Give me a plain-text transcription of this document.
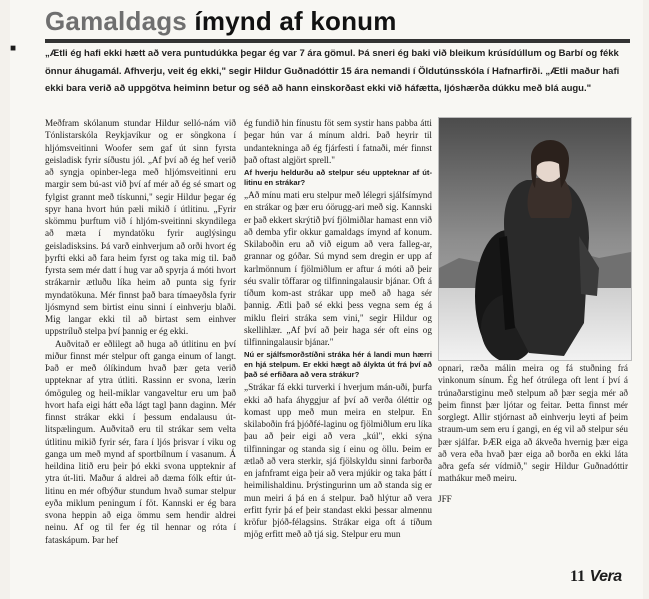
■
Gamaldags ímynd af konum

„Ætli ég hafi ekki hætt að vera puntudúkka þegar ég var 7 ára gömul. Þá sneri ég baki við bleikum krúsídúllum og Barbí og fékk önnur áhugamál. Afhverju, veit ég ekki," segir Hildur Guðnadóttir 15 ára nemandi í Öldutúnsskóla í Hafnarfirði. „Ætli maður hafi ekki bara verið að uppgötva heiminn betur og séð að hann einskorðast ekki við háfætta, ljóshærða dúkku með blá augu."

Meðfram skólanum stundar Hildur selló-nám við Tónlistarskóla Reykjavíkur og er söngkona í hljómsveitinni Woofer sem gaf út sinn fyrsta geisladisk fyrir síðustu jól. „Af því að ég hef verið að syngja opinber-lega með hljómsveitinni eru margir sem bú-ast við því af mér að ég sé smart og fylgist grannt með tískunni," segir Hildur þegar ég spyr hana hvort hún pæli mikið í útlitinu. „Fyrir skömmu þurftum við í hljóm-sveitinni skyndilega að mæta í myndatöku fyrir auglýsingu geisladisksins. Þá varð einhverjum að orði hvort ég þyrfti ekki að fara heim fyrst og taka mig til. Það fyrsta sem mér datt í hug var að spyrja á móti hvort strákarnir ætluðu líka heim að punta sig fyrir myndatökuna. Mér finnst það bara tímaeyðsla fyrir ljósmynd sem birtist einu sinni í einhverju blaði. Mig langar ekki til að birtast sem einhver uppstríluð stelpa því þannig er ég ekki.

Auðvitað er eðlilegt að huga að útlitinu en því miður finnst mér stelpur oft ganga einum of langt. Það er með ólíkindum hvað þær geta verið uppteknar af ytra útliti. Rassinn er svona, lærin ómöguleg og heil-miklar vangaveltur eru um það hvort hafa eigi hátt eða lágt tagl þann daginn. Mér finnst strákar ekki í þessum endalausu út-litspælingum. Auðvitað eru til strákar sem velta útlitinu mikið fyrir sér, fara í ljós þrisvar í viku og ganga um með mynd af sportbílnum í vasanum. Á heildina litið eru þeir þó ekki svona uppteknir af ytra út-liti. Maður á aldrei að dæma fólk eftir út-litinu en mér ofbýður stundum hvað sumar stelpur eyða miklum peningum í föt. Kannski er ég bara svona heppin að eiga ömmu sem hendir aldrei neinu. Af og til fer ég til hennar og róta í fataskápum. Þar hef

ég fundið hin fínustu föt sem systir hans pabba átti þegar hún var á mínum aldri. Það heyrir til undantekninga að ég fjárfesti í fatnaði, mér finnst það oftast algjört sprell."

Af hverju heldurðu að stelpur séu uppteknar af út-litinu en strákar?

„Að mínu mati eru stelpur með lélegri sjálfsímynd en strákar og þær eru óörugg-ari með sig. Kannski er það ekkert skrýtið því fjölmiðlar hamast enn við að demba yfir okkur gamaldags ímynd af konum. Skilaboðin eru að við eigum að vera falleg-ar, grannar og góðar. Sú mynd sem dregin er upp af karlmönnum í fjölmiðlum er aftur á móti að þeir séu svalir töffarar og tilfinningalausir bjánar. Oft á tíðum kom-ast strákar upp með að haga sér þannig. Ætli það sé ekki þess vegna sem ég á miklu fleiri stráka sem vini," segir Hildur og skellihlær. „Af því að þeir haga sér oft eins og tilfinningalausir bjánar."

Nú er sjálfsmorðstíðni stráka hér á landi mun hærri en hjá stelpum. Er ekki hægt að álykta út frá því að það sé erfiðara að vera strákur?

„Strákar fá ekki turverki í hverjum mán-uði, þurfa ekki að hafa áhyggjur af því að verða óléttir og komast upp með mun meira en stelpur. En skilaboðin frá þjóðfé-laginu og fjölmiðlum eru líka þau að þeir eigi að vera „kúl", ekki sýna tilfinningar og standa sig í einu og öllu. Þeim er ætlað að vera sterkir, sjá fjölskyldu sinni farborða en jafnframt eiga þeir að vera mjúkir og taka þátt í heimilishaldinu. Þrýstingurinn um að standa sig er mun meiri á þá en á stelpur. Það hlýtur að vera erfitt fyrir þá ef þeir standast ekki þessar almennu kröfur þjóð-félagsins. Strákar eiga oft á tíðum mjög erfitt með að tjá sig. Stelpur eru mun

opnari, ræða málin meira og fá stuðning frá vinkonum sínum. Ég hef ótrúlega oft lent í því á trúnaðarstiginu með stelpum að þær segja mér að þeim finnst þær ljótar og feitar. Þetta finnst mér sorglegt. Allir stjórnast að einhverju leyti af þeim straum-um sem eru í gangi, en ég vil að stelpur séu þær sjálfar. ÞÆR eiga að ákveða hvernig þær eiga að vera eða hvað þær eiga að borða en ekki láta aðra gefa sér vídmið," segir Hildur Guðnadóttir mathákur með meiru.

JFF

11 Vera
